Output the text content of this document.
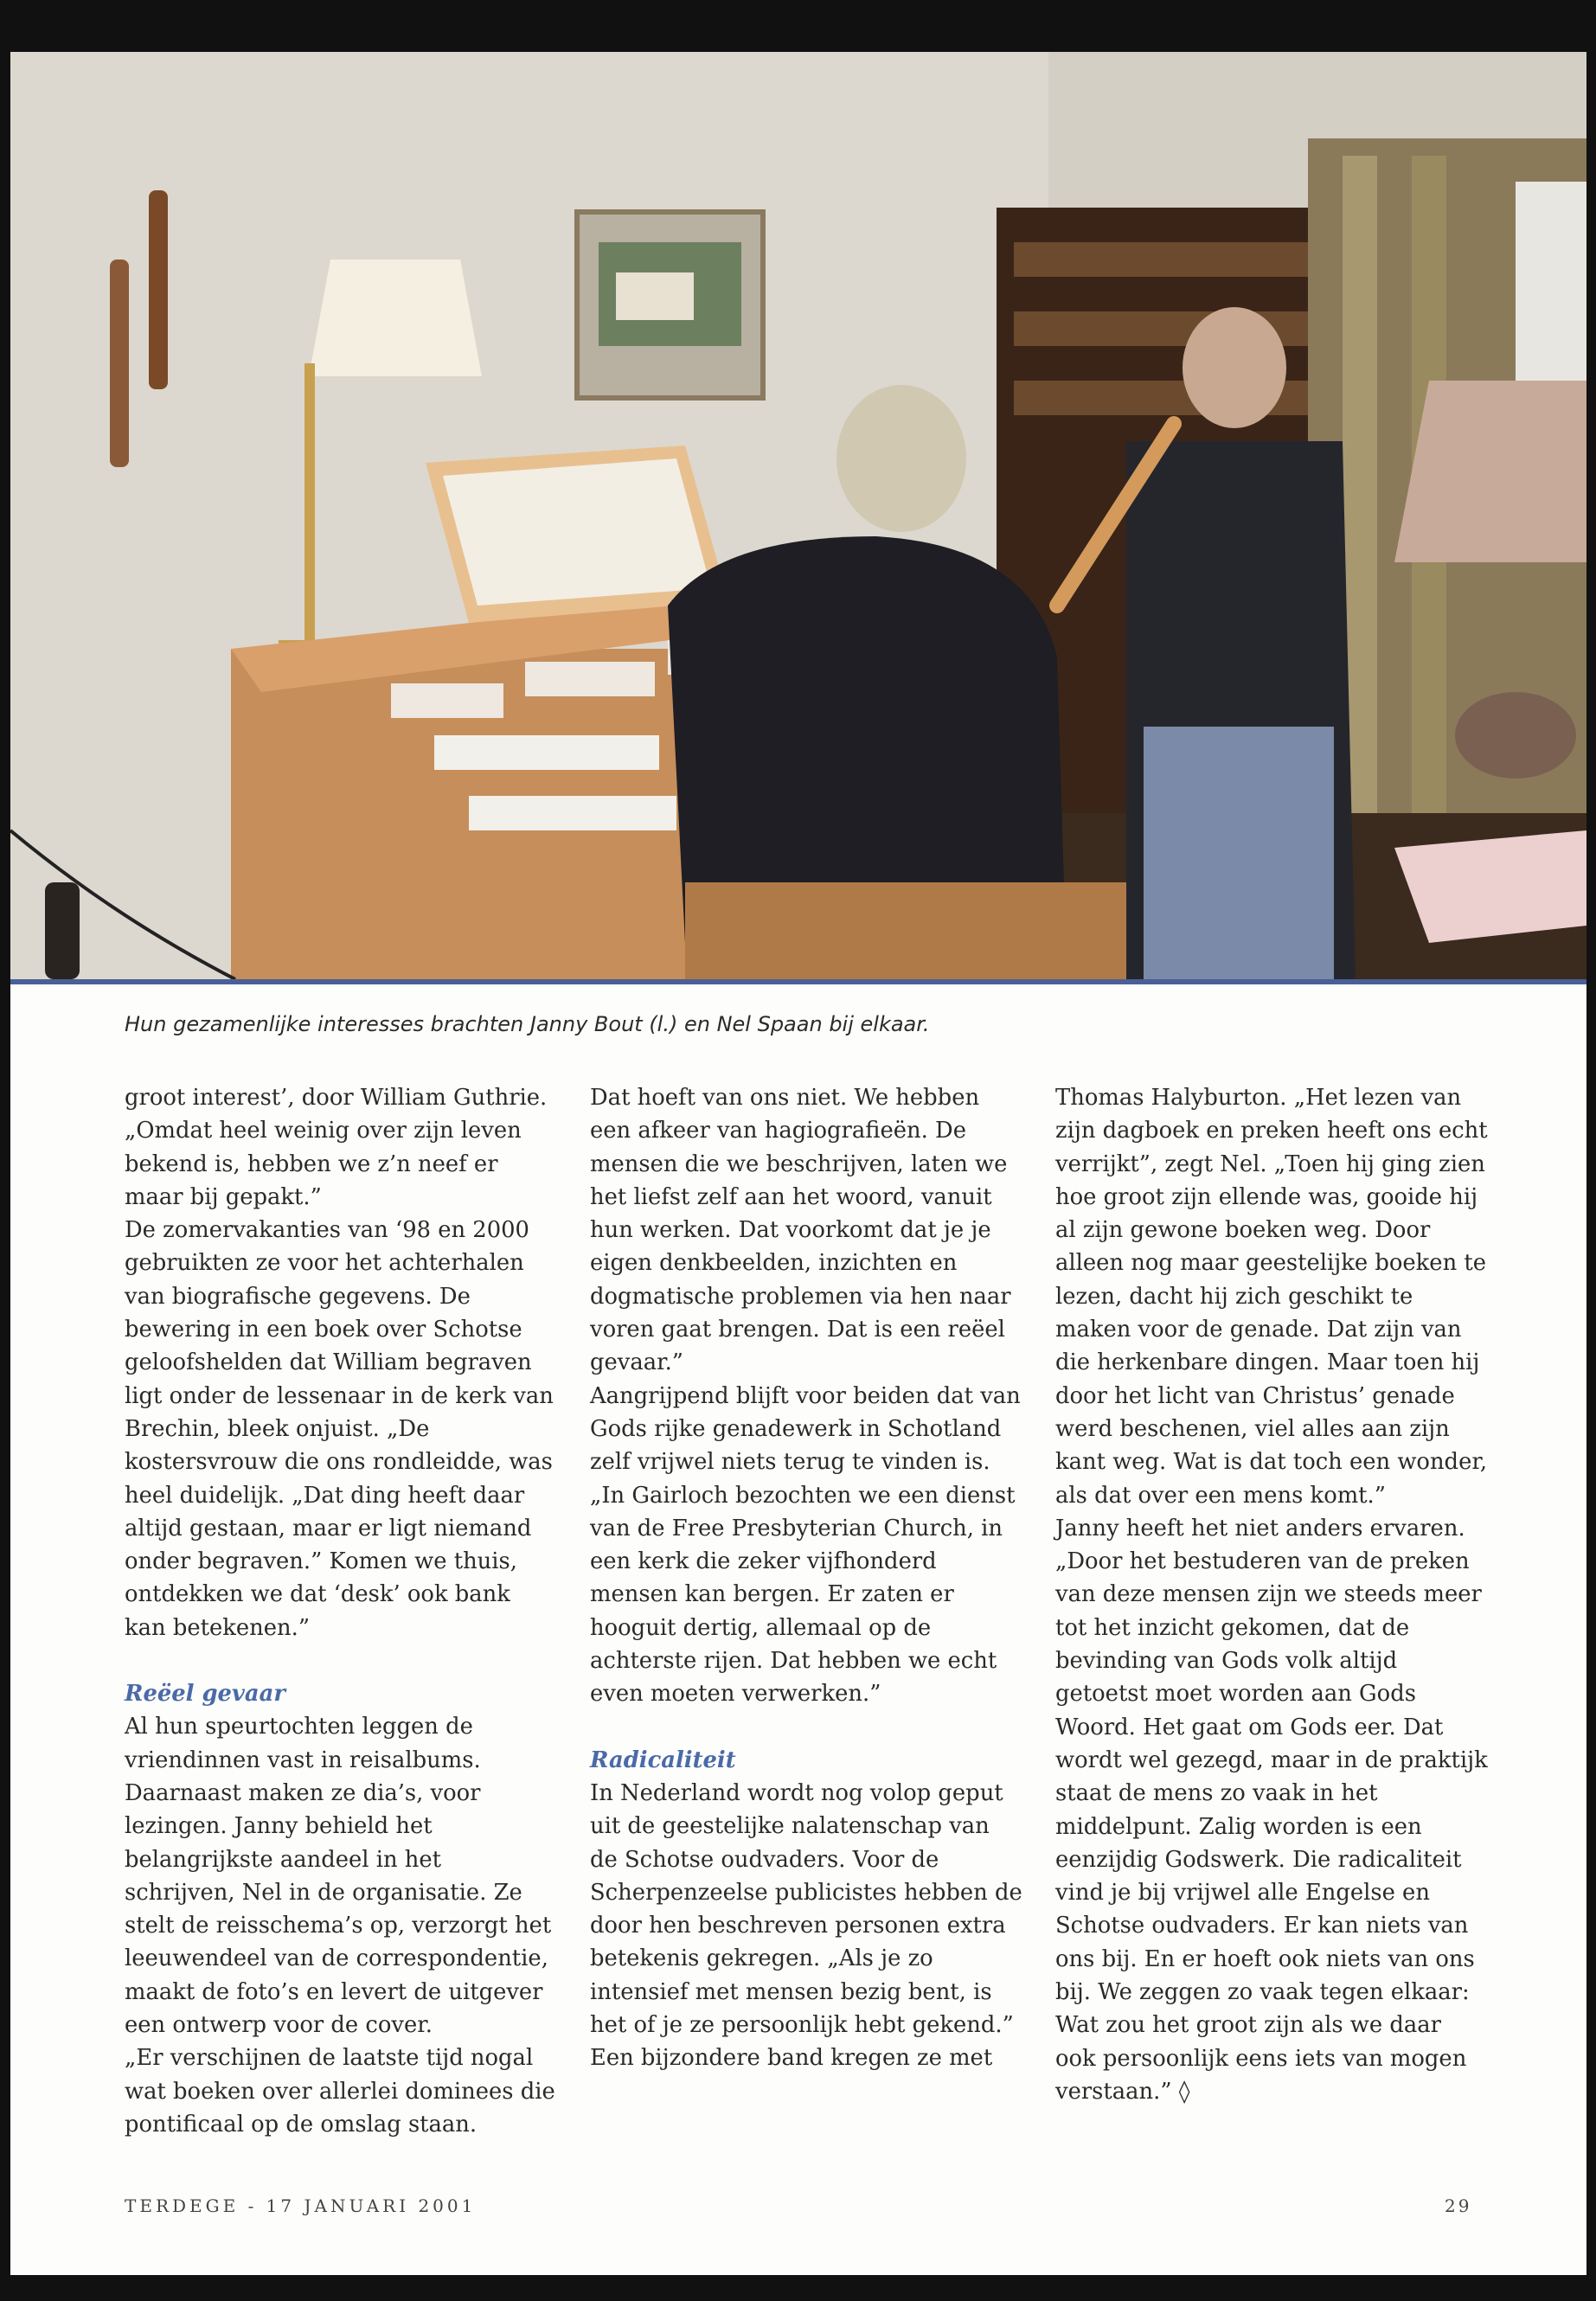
Hun gezamenlijke interesses brachten Janny Bout (l.) en Nel Spaan bij elkaar.

groot interest’, door William Guthrie. „Omdat heel weinig over zijn leven bekend is, hebben we z’n neef er maar bij gepakt.”

De zomervakanties van ‘98 en 2000 gebruikten ze voor het achterhalen van biografische gegevens. De bewering in een boek over Schotse geloofshelden dat William begraven ligt onder de lessenaar in de kerk van Brechin, bleek onjuist. „De kostersvrouw die ons rondleidde, was heel duidelijk. „Dat ding heeft daar altijd gestaan, maar er ligt niemand onder begraven.” Komen we thuis, ontdekken we dat ‘desk’ ook bank kan betekenen.”

Reëel gevaar

Al hun speurtochten leggen de vriendinnen vast in reisalbums. Daarnaast maken ze dia’s, voor lezingen. Janny behield het belangrijkste aandeel in het schrijven, Nel in de organisatie. Ze stelt de reisschema’s op, verzorgt het leeuwendeel van de correspondentie, maakt de foto’s en levert de uitgever een ontwerp voor de cover.

„Er verschijnen de laatste tijd nogal wat boeken over allerlei dominees die pontificaal op de omslag staan.

Dat hoeft van ons niet. We hebben een afkeer van hagiografieën. De mensen die we beschrijven, laten we het liefst zelf aan het woord, vanuit hun werken. Dat voorkomt dat je je eigen denkbeelden, inzichten en dogmatische problemen via hen naar voren gaat brengen. Dat is een reëel gevaar.”

Aangrijpend blijft voor beiden dat van Gods rijke genadewerk in Schotland zelf vrijwel niets terug te vinden is. „In Gairloch bezochten we een dienst van de Free Presbyterian Church, in een kerk die zeker vijfhonderd mensen kan bergen. Er zaten er hooguit dertig, allemaal op de achterste rijen. Dat hebben we echt even moeten verwerken.”

Radicaliteit

In Nederland wordt nog volop geput uit de geestelijke nalatenschap van de Schotse oudvaders. Voor de Scherpenzeelse publicistes hebben de door hen beschreven personen extra betekenis gekregen. „Als je zo intensief met mensen bezig bent, is het of je ze persoonlijk hebt gekend.”

Een bijzondere band kregen ze met

Thomas Halyburton. „Het lezen van zijn dagboek en preken heeft ons echt verrijkt”, zegt Nel. „Toen hij ging zien hoe groot zijn ellende was, gooide hij al zijn gewone boeken weg. Door alleen nog maar geestelijke boeken te lezen, dacht hij zich geschikt te maken voor de genade. Dat zijn van die herkenbare dingen. Maar toen hij door het licht van Christus’ genade werd beschenen, viel alles aan zijn kant weg. Wat is dat toch een wonder, als dat over een mens komt.”

Janny heeft het niet anders ervaren. „Door het bestuderen van de preken van deze mensen zijn we steeds meer tot het inzicht gekomen, dat de bevinding van Gods volk altijd getoetst moet worden aan Gods Woord. Het gaat om Gods eer. Dat wordt wel gezegd, maar in de praktijk staat de mens zo vaak in het middelpunt. Zalig worden is een eenzijdig Godswerk. Die radicaliteit vind je bij vrijwel alle Engelse en Schotse oudvaders. Er kan niets van ons bij. En er hoeft ook niets van ons bij. We zeggen zo vaak tegen elkaar: Wat zou het groot zijn als we daar ook persoonlijk eens iets van mogen verstaan.” ◊

TERDEGE - 17 JANUARI 2001	29
